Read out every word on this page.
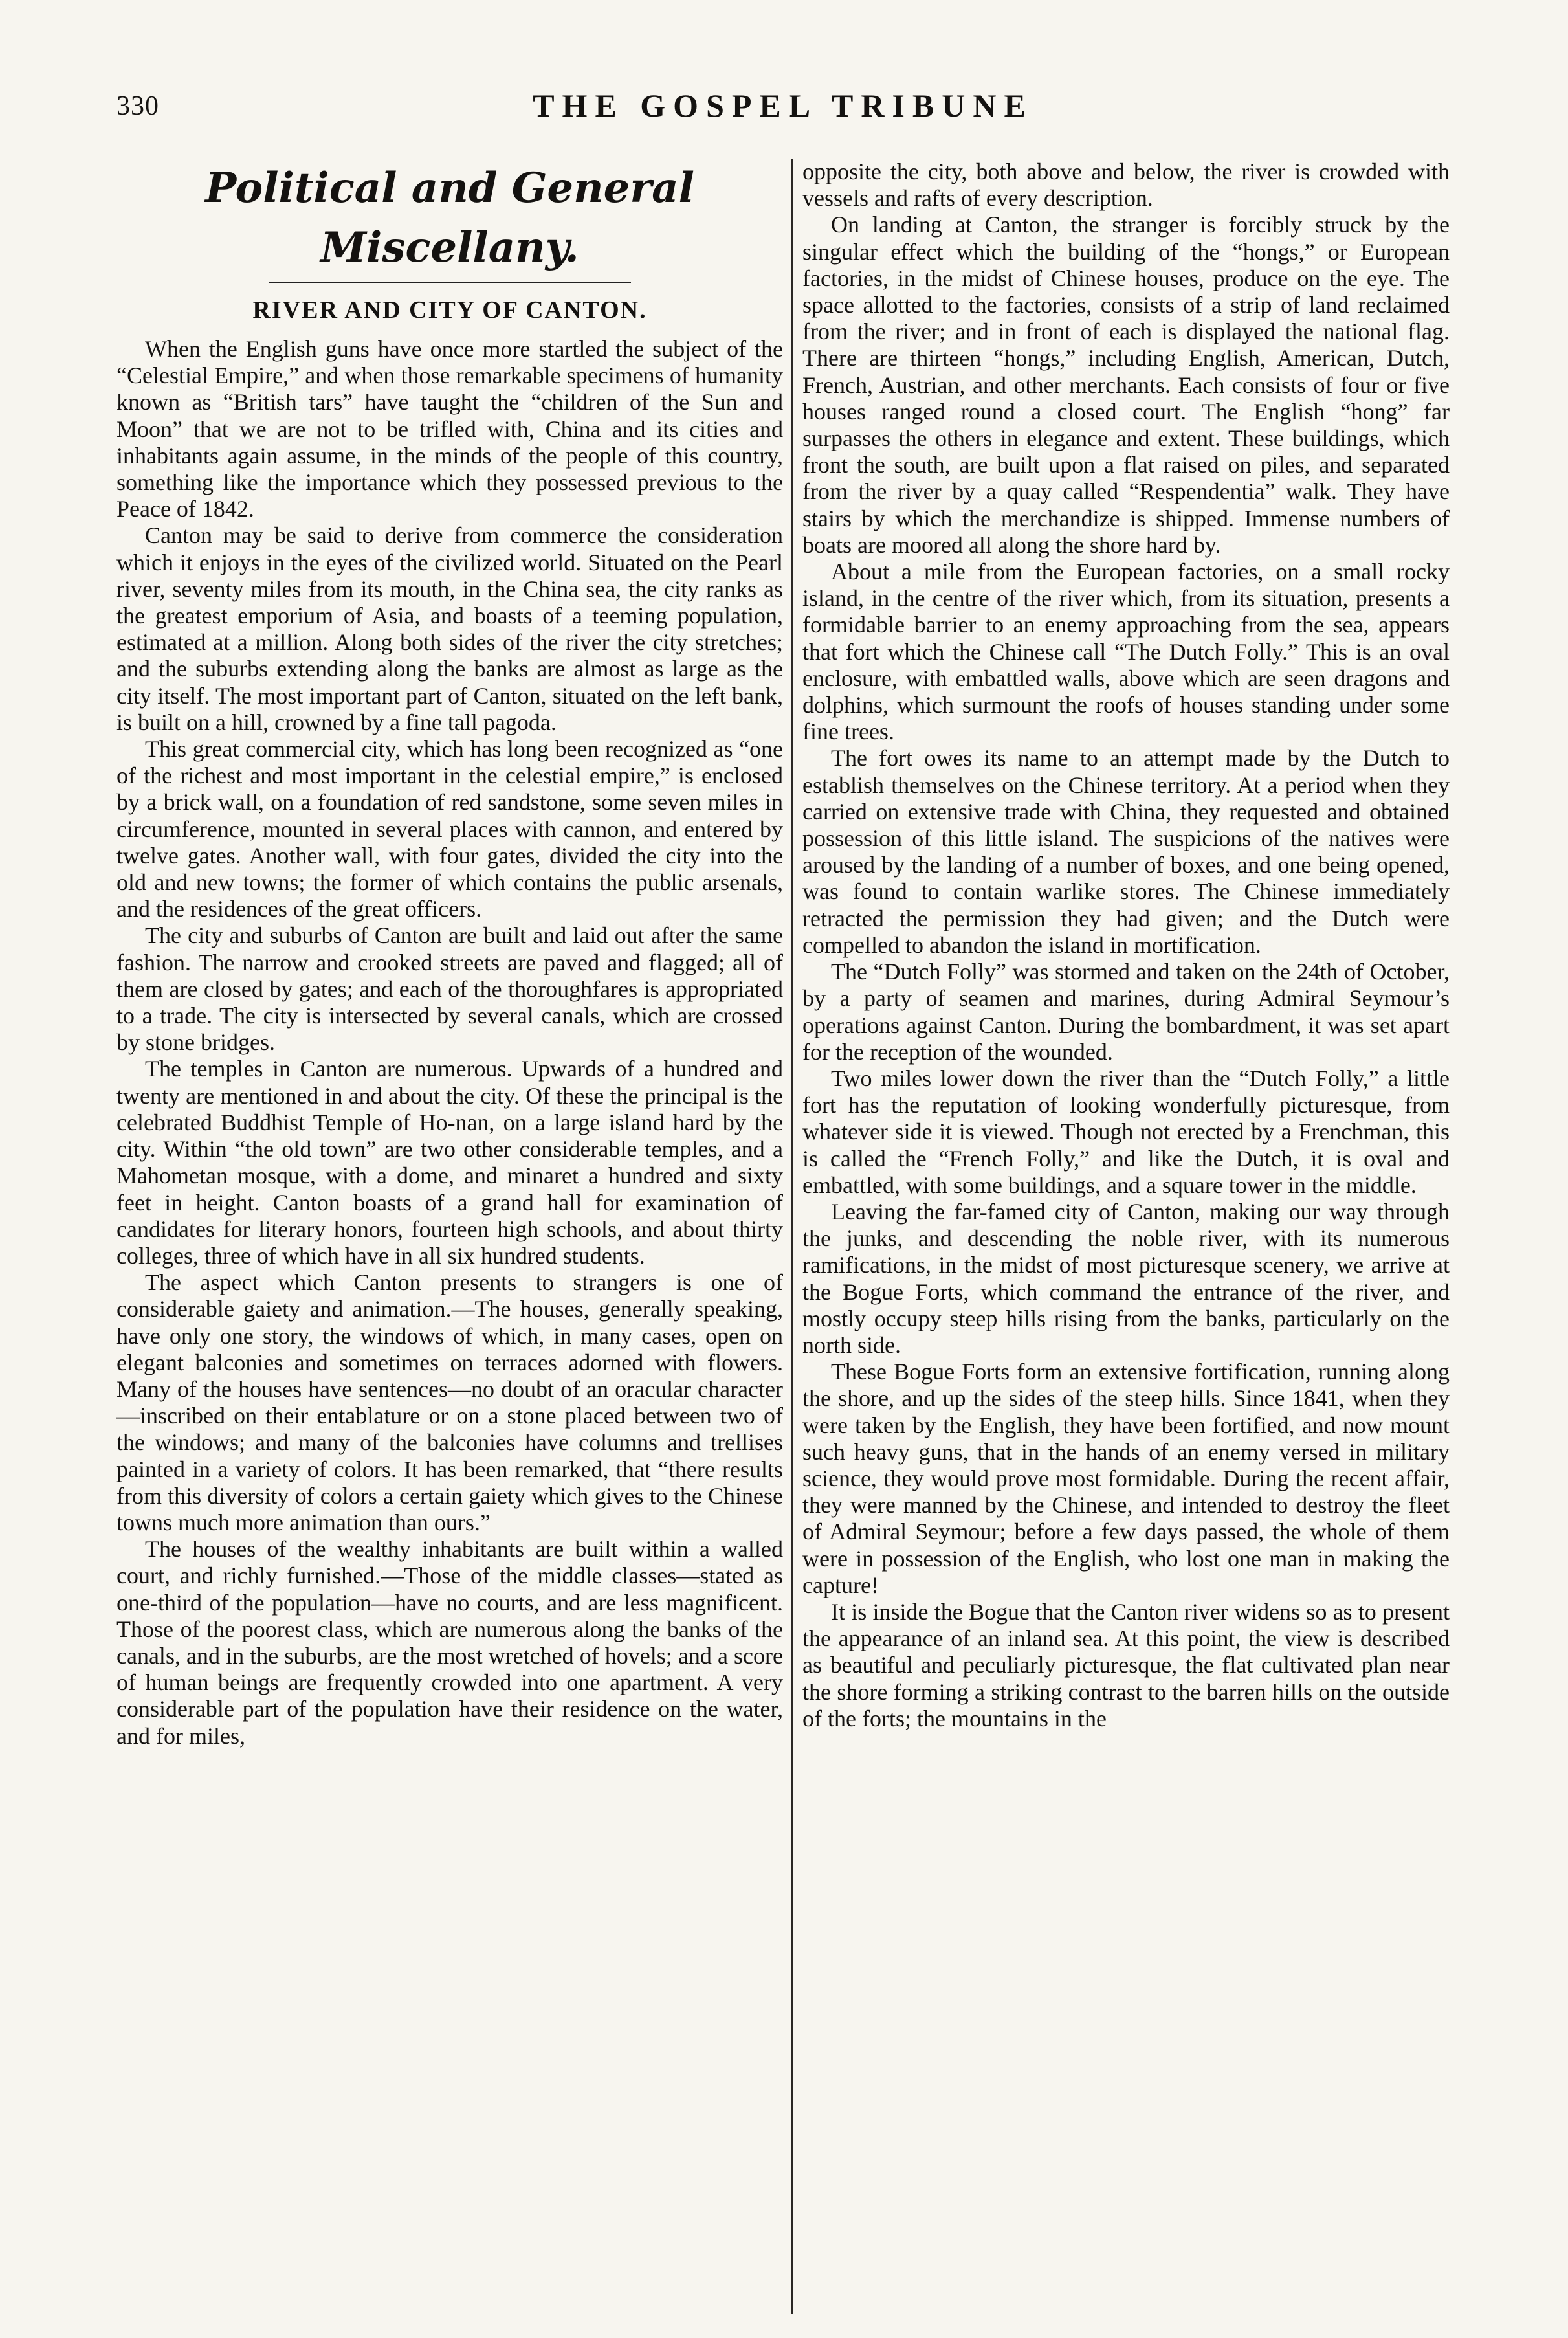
330	THE GOSPEL TRIBUNE
Political and General Miscellany.
RIVER AND CITY OF CANTON.

When the English guns have once more startled the subject of the “Celestial Empire,” and when those remarkable specimens of humanity known as “British tars” have taught the “children of the Sun and Moon” that we are not to be trifled with, China and its cities and inhabitants again assume, in the minds of the people of this country, something like the importance which they possessed previous to the Peace of 1842.

Canton may be said to derive from commerce the consideration which it enjoys in the eyes of the civilized world. Situated on the Pearl river, seventy miles from its mouth, in the China sea, the city ranks as the greatest emporium of Asia, and boasts of a teeming population, estimated at a million. Along both sides of the river the city stretches; and the suburbs extending along the banks are almost as large as the city itself. The most important part of Canton, situated on the left bank, is built on a hill, crowned by a fine tall pagoda.

This great commercial city, which has long been recognized as “one of the richest and most important in the celestial empire,” is enclosed by a brick wall, on a foundation of red sandstone, some seven miles in circumference, mounted in several places with cannon, and entered by twelve gates. Another wall, with four gates, divided the city into the old and new towns; the former of which contains the public arsenals, and the residences of the great officers.

The city and suburbs of Canton are built and laid out after the same fashion. The narrow and crooked streets are paved and flagged; all of them are closed by gates; and each of the thoroughfares is appropriated to a trade. The city is intersected by several canals, which are crossed by stone bridges.

The temples in Canton are numerous. Upwards of a hundred and twenty are mentioned in and about the city. Of these the principal is the celebrated Buddhist Temple of Ho-nan, on a large island hard by the city. Within “the old town” are two other considerable temples, and a Mahometan mosque, with a dome, and minaret a hundred and sixty feet in height. Canton boasts of a grand hall for examination of candidates for literary honors, fourteen high schools, and about thirty colleges, three of which have in all six hundred students.

The aspect which Canton presents to strangers is one of considerable gaiety and animation.—The houses, generally speaking, have only one story, the windows of which, in many cases, open on elegant balconies and sometimes on terraces adorned with flowers. Many of the houses have sentences—no doubt of an oracular character—inscribed on their entablature or on a stone placed between two of the windows; and many of the balconies have columns and trellises painted in a variety of colors. It has been remarked, that “there results from this diversity of colors a certain gaiety which gives to the Chinese towns much more animation than ours.”

The houses of the wealthy inhabitants are built within a walled court, and richly furnished.—Those of the middle classes—stated as one-third of the population—have no courts, and are less magnificent. Those of the poorest class, which are numerous along the banks of the canals, and in the suburbs, are the most wretched of hovels; and a score of human beings are frequently crowded into one apartment. A very considerable part of the population have their residence on the water, and for miles,

opposite the city, both above and below, the river is crowded with vessels and rafts of every description.

On landing at Canton, the stranger is forcibly struck by the singular effect which the building of the “hongs,” or European factories, in the midst of Chinese houses, produce on the eye. The space allotted to the factories, consists of a strip of land reclaimed from the river; and in front of each is displayed the national flag. There are thirteen “hongs,” including English, American, Dutch, French, Austrian, and other merchants. Each consists of four or five houses ranged round a closed court. The English “hong” far surpasses the others in elegance and extent. These buildings, which front the south, are built upon a flat raised on piles, and separated from the river by a quay called “Respendentia” walk. They have stairs by which the merchandize is shipped. Immense numbers of boats are moored all along the shore hard by.

About a mile from the European factories, on a small rocky island, in the centre of the river which, from its situation, presents a formidable barrier to an enemy approaching from the sea, appears that fort which the Chinese call “The Dutch Folly.” This is an oval enclosure, with embattled walls, above which are seen dragons and dolphins, which surmount the roofs of houses standing under some fine trees.

The fort owes its name to an attempt made by the Dutch to establish themselves on the Chinese territory. At a period when they carried on extensive trade with China, they requested and obtained possession of this little island. The suspicions of the natives were aroused by the landing of a number of boxes, and one being opened, was found to contain warlike stores. The Chinese immediately retracted the permission they had given; and the Dutch were compelled to abandon the island in mortification.

The “Dutch Folly” was stormed and taken on the 24th of October, by a party of seamen and marines, during Admiral Seymour’s operations against Canton. During the bombardment, it was set apart for the reception of the wounded.

Two miles lower down the river than the “Dutch Folly,” a little fort has the reputation of looking wonderfully picturesque, from whatever side it is viewed. Though not erected by a Frenchman, this is called the “French Folly,” and like the Dutch, it is oval and embattled, with some buildings, and a square tower in the middle.

Leaving the far-famed city of Canton, making our way through the junks, and descending the noble river, with its numerous ramifications, in the midst of most picturesque scenery, we arrive at the Bogue Forts, which command the entrance of the river, and mostly occupy steep hills rising from the banks, particularly on the north side.

These Bogue Forts form an extensive fortification, running along the shore, and up the sides of the steep hills. Since 1841, when they were taken by the English, they have been fortified, and now mount such heavy guns, that in the hands of an enemy versed in military science, they would prove most formidable. During the recent affair, they were manned by the Chinese, and intended to destroy the fleet of Admiral Seymour; before a few days passed, the whole of them were in possession of the English, who lost one man in making the capture!

It is inside the Bogue that the Canton river widens so as to present the appearance of an inland sea. At this point, the view is described as beautiful and peculiarly picturesque, the flat cultivated plan near the shore forming a striking contrast to the barren hills on the outside of the forts; the mountains in the
